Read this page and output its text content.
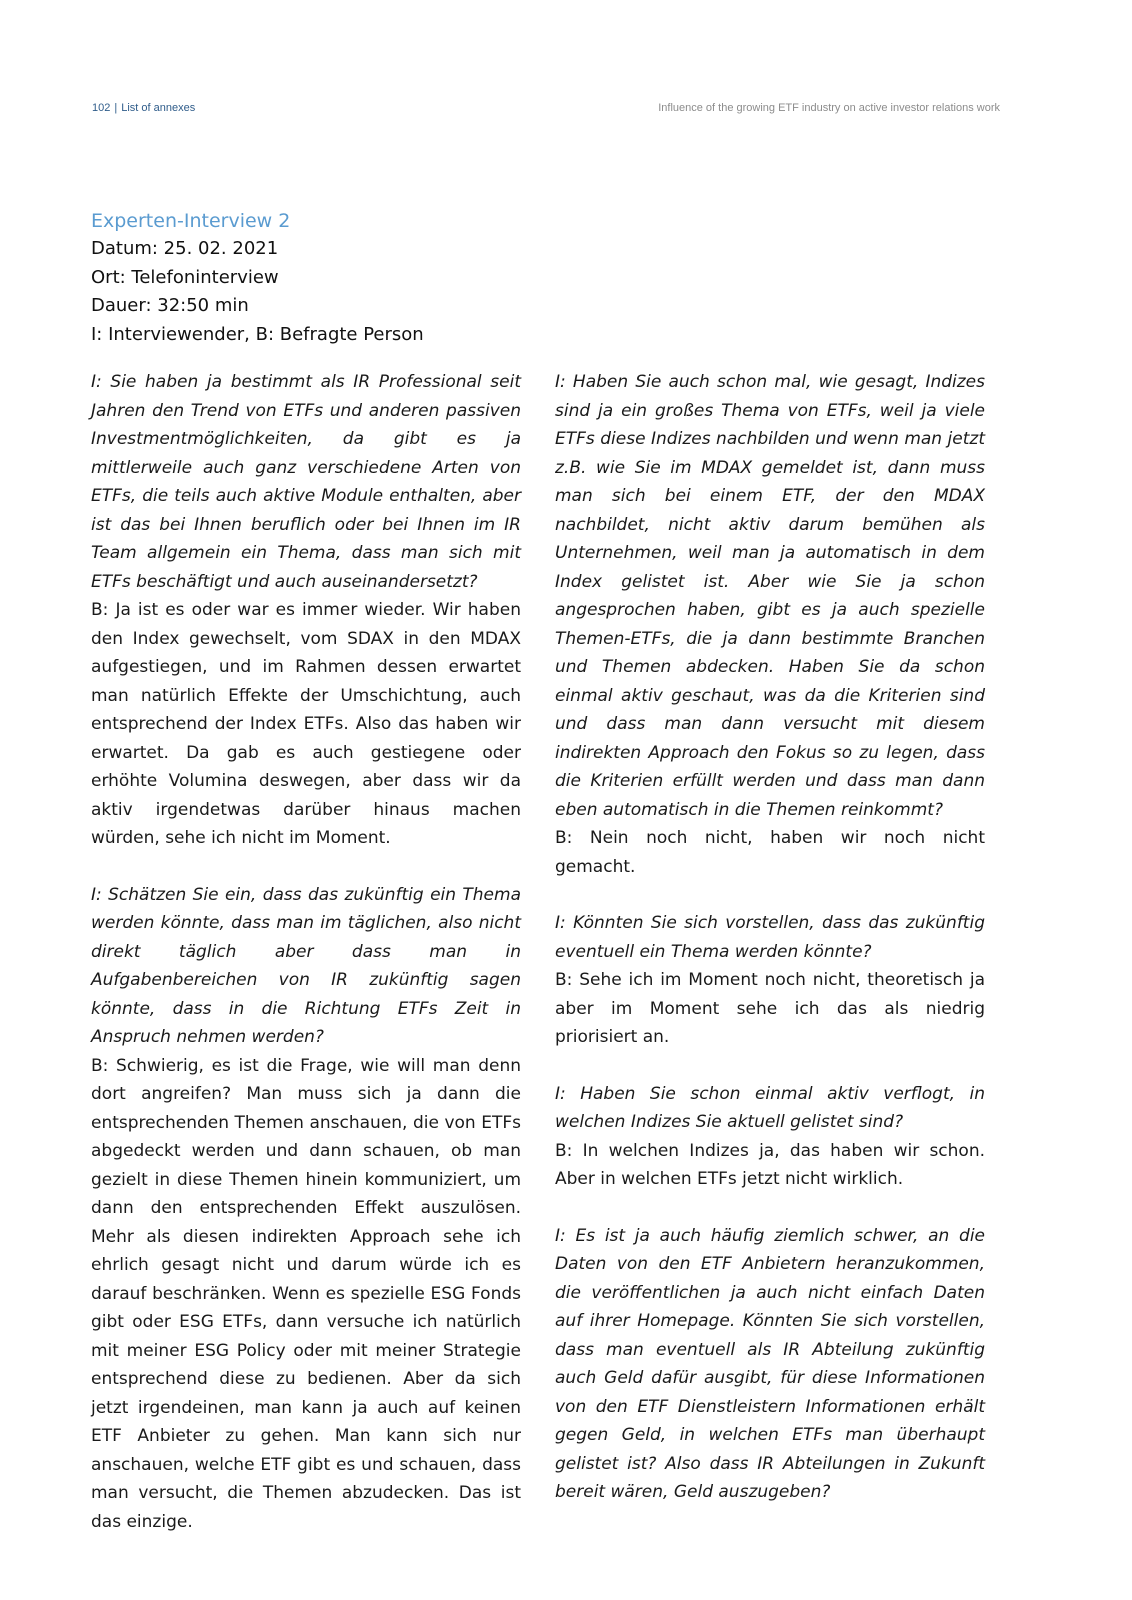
102 | List of annexes	Influence of the growing ETF industry on active investor relations work
Experten-Interview 2
Datum: 25. 02. 2021
Ort: Telefoninterview
Dauer: 32:50 min
I: Interviewender, B: Befragte Person

I: Sie haben ja bestimmt als IR Professional seit Jahren den Trend von ETFs und anderen passiven Investmentmöglichkeiten, da gibt es ja mittlerweile auch ganz verschiedene Arten von ETFs, die teils auch aktive Module enthalten, aber ist das bei Ihnen beruflich oder bei Ihnen im IR Team allgemein ein Thema, dass man sich mit ETFs beschäftigt und auch auseinandersetzt?

B: Ja ist es oder war es immer wieder. Wir haben den Index gewechselt, vom SDAX in den MDAX aufgestiegen, und im Rahmen dessen erwartet man natürlich Effekte der Umschichtung, auch entsprechend der Index ETFs. Also das haben wir erwartet. Da gab es auch gestiegene oder erhöhte Volumina deswegen, aber dass wir da aktiv irgendetwas darüber hinaus machen würden, sehe ich nicht im Moment.

I: Schätzen Sie ein, dass das zukünftig ein Thema werden könnte, dass man im täglichen, also nicht direkt täglich aber dass man in Aufgabenbereichen von IR zukünftig sagen könnte, dass in die Richtung ETFs Zeit in Anspruch nehmen werden?

B: Schwierig, es ist die Frage, wie will man denn dort angreifen? Man muss sich ja dann die entsprechenden Themen anschauen, die von ETFs abgedeckt werden und dann schauen, ob man gezielt in diese Themen hinein kommuniziert, um dann den entsprechenden Effekt auszulösen. Mehr als diesen indirekten Approach sehe ich ehrlich gesagt nicht und darum würde ich es darauf beschränken. Wenn es spezielle ESG Fonds gibt oder ESG ETFs, dann versuche ich natürlich mit meiner ESG Policy oder mit meiner Strategie entsprechend diese zu bedienen. Aber da sich jetzt irgendeinen, man kann ja auch auf keinen ETF Anbieter zu gehen. Man kann sich nur anschauen, welche ETF gibt es und schauen, dass man versucht, die Themen abzudecken. Das ist das einzige.

I: Haben Sie auch schon mal, wie gesagt, Indizes sind ja ein großes Thema von ETFs, weil ja viele ETFs diese Indizes nachbilden und wenn man jetzt z.B. wie Sie im MDAX gemeldet ist, dann muss man sich bei einem ETF, der den MDAX nachbildet, nicht aktiv darum bemühen als Unternehmen, weil man ja automatisch in dem Index gelistet ist. Aber wie Sie ja schon angesprochen haben, gibt es ja auch spezielle Themen-ETFs, die ja dann bestimmte Branchen und Themen abdecken. Haben Sie da schon einmal aktiv geschaut, was da die Kriterien sind und dass man dann versucht mit diesem indirekten Approach den Fokus so zu legen, dass die Kriterien erfüllt werden und dass man dann eben automatisch in die Themen reinkommt?

B: Nein noch nicht, haben wir noch nicht gemacht.

I: Könnten Sie sich vorstellen, dass das zukünftig eventuell ein Thema werden könnte?

B: Sehe ich im Moment noch nicht, theoretisch ja aber im Moment sehe ich das als niedrig priorisiert an.

I: Haben Sie schon einmal aktiv verflogt, in welchen Indizes Sie aktuell gelistet sind?

B: In welchen Indizes ja, das haben wir schon. Aber in welchen ETFs jetzt nicht wirklich.

I: Es ist ja auch häufig ziemlich schwer, an die Daten von den ETF Anbietern heranzukommen, die veröffentlichen ja auch nicht einfach Daten auf ihrer Homepage. Könnten Sie sich vorstellen, dass man eventuell als IR Abteilung zukünftig auch Geld dafür ausgibt, für diese Informationen von den ETF Dienstleistern Informationen erhält gegen Geld, in welchen ETFs man überhaupt gelistet ist? Also dass IR Abteilungen in Zukunft bereit wären, Geld auszugeben?
